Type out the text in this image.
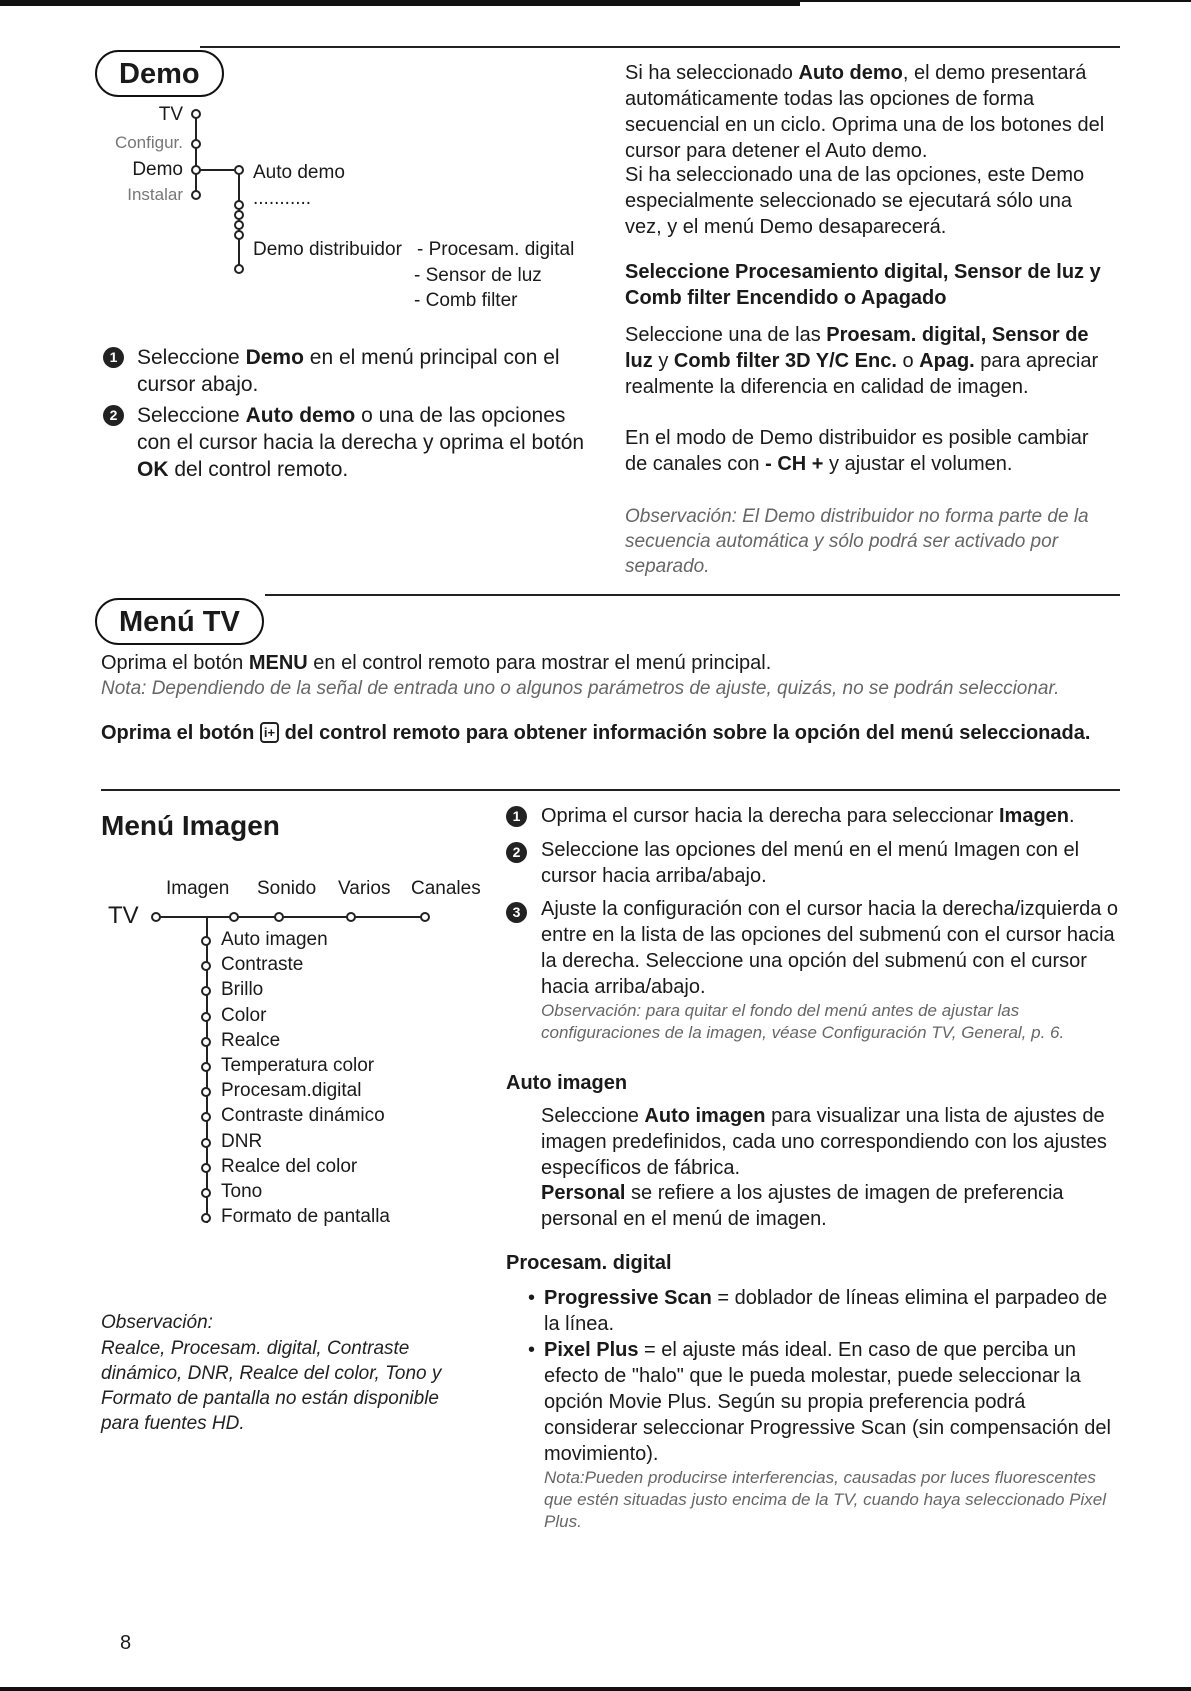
Demo
TV
Configur.
Demo
Instalar
Auto demo
...........
Demo distribuidor - Procesam. digital
- Sensor de luz
- Comb filter
1 Seleccione Demo en el menú principal con el cursor abajo.
2 Seleccione Auto demo o una de las opciones con el cursor hacia la derecha y oprima el botón OK del control remoto.
Si ha seleccionado Auto demo, el demo presentará automáticamente todas las opciones de forma secuencial en un ciclo. Oprima una de los botones del cursor para detener el Auto demo.
Si ha seleccionado una de las opciones, este Demo especialmente seleccionado se ejecutará sólo una vez, y el menú Demo desaparecerá.
Seleccione Procesamiento digital, Sensor de luz y Comb filter Encendido o Apagado
Seleccione una de las Proesam. digital, Sensor de luz y Comb filter 3D Y/C Enc. o Apag. para apreciar realmente la diferencia en calidad de imagen.
En el modo de Demo distribuidor es posible cambiar de canales con - CH + y ajustar el volumen.
Observación: El Demo distribuidor no forma parte de la secuencia automática y sólo podrá ser activado por separado.
Menú TV
Oprima el botón MENU en el control remoto para mostrar el menú principal.
Nota: Dependiendo de la señal de entrada uno o algunos parámetros de ajuste, quizás, no se podrán seleccionar.
Oprima el botón i+ del control remoto para obtener información sobre la opción del menú seleccionada.
Menú Imagen
Imagen Sonido Varios Canales
TV
Auto imagen
Contraste
Brillo
Color
Realce
Temperatura color
Procesam.digital
Contraste dinámico
DNR
Realce del color
Tono
Formato de pantalla
Observación:
Realce, Procesam. digital, Contraste dinámico, DNR, Realce del color, Tono y Formato de pantalla no están disponible para fuentes HD.
1	Oprima el cursor hacia la derecha para seleccionar Imagen.
2	Seleccione las opciones del menú en el menú Imagen con el cursor hacia arriba/abajo.
3	Ajuste la configuración con el cursor hacia la derecha/izquierda o entre en la lista de las opciones del submenú con el cursor hacia la derecha. Seleccione una opción del submenú con el cursor hacia arriba/abajo.
Observación: para quitar el fondo del menú antes de ajustar las configuraciones de la imagen, véase Configuración TV, General, p. 6.
Auto imagen
Seleccione Auto imagen para visualizar una lista de ajustes de imagen predefinidos, cada uno correspondiendo con los ajustes específicos de fábrica.
Personal se refiere a los ajustes de imagen de preferencia personal en el menú de imagen.
Procesam. digital
• Progressive Scan = doblador de líneas elimina el parpadeo de la línea.
• Pixel Plus = el ajuste más ideal. En caso de que perciba un efecto de "halo" que le pueda molestar, puede seleccionar la opción Movie Plus. Según su propia preferencia podrá considerar seleccionar Progressive Scan (sin compensación del movimiento).
Nota:Pueden producirse interferencias, causadas por luces fluorescentes que estén situadas justo encima de la TV, cuando haya seleccionado Pixel Plus.
8
